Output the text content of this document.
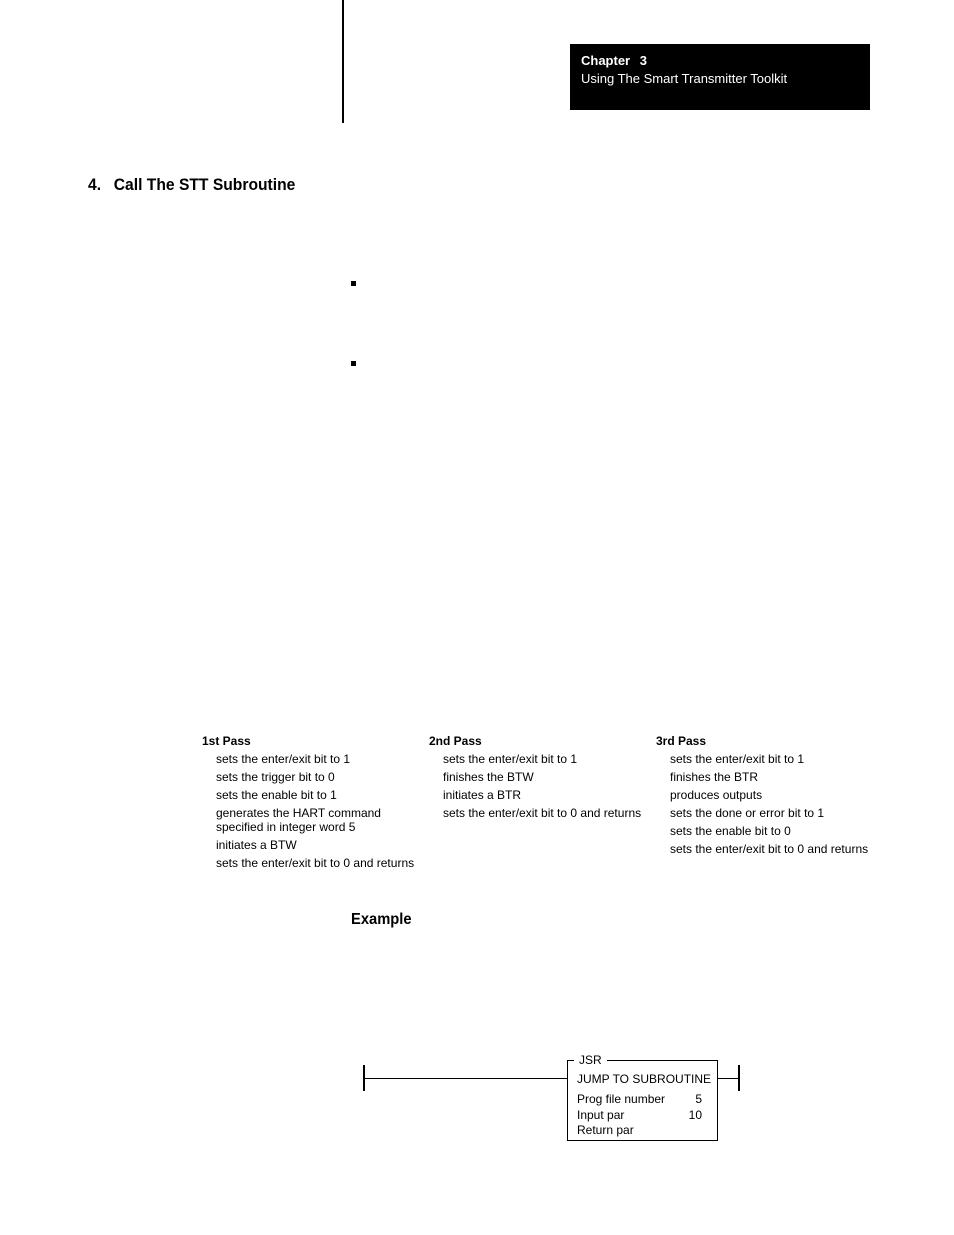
Chapter 3
Using The Smart Transmitter Toolkit
4. Call The STT Subroutine
1st Pass
sets the enter/exit bit to 1
sets the trigger bit to 0
sets the enable bit to 1
generates the HART command specified in integer word 5
initiates a BTW
sets the enter/exit bit to 0 and returns
2nd Pass
sets the enter/exit bit to 1
finishes the BTW
initiates a BTR
sets the enter/exit bit to 0 and returns
3rd Pass
sets the enter/exit bit to 1
finishes the BTR
produces outputs
sets the done or error bit to 1
sets the enable bit to 0
sets the enter/exit bit to 0 and returns
Example
JSR
JUMP TO SUBROUTINE
Prog file number	5
Input par	10
Return par
